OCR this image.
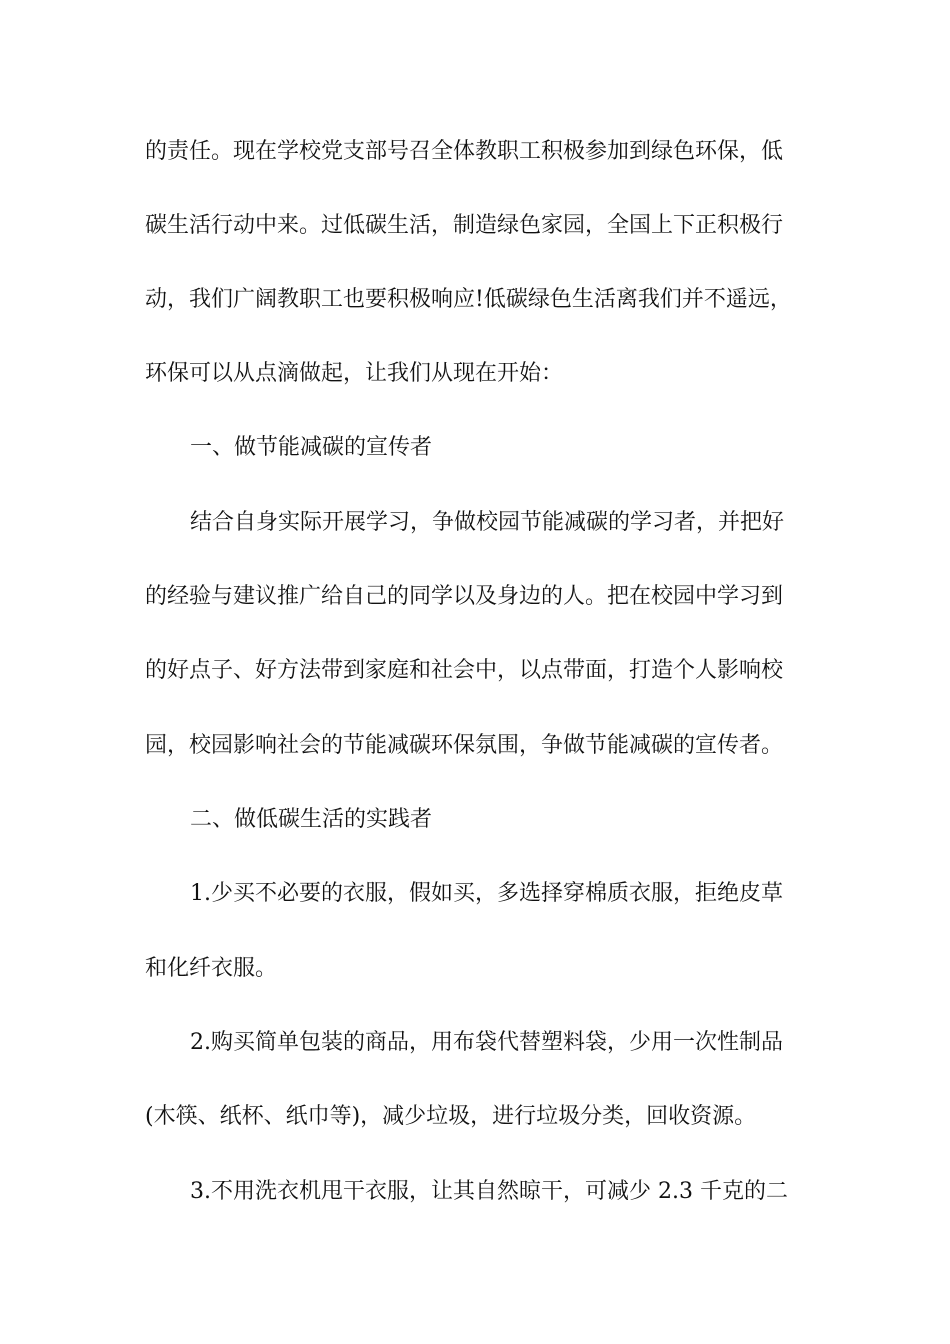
的责任。现在学校党支部号召全体教职工积极参加到绿色环保，低
碳生活行动中来。过低碳生活，制造绿色家园，全国上下正积极行
动，我们广阔教职工也要积极响应!低碳绿色生活离我们并不遥远，
环保可以从点滴做起，让我们从现在开始：
一、做节能减碳的宣传者
结合自身实际开展学习，争做校园节能减碳的学习者，并把好
的经验与建议推广给自己的同学以及身边的人。把在校园中学习到
的好点子、好方法带到家庭和社会中，以点带面，打造个人影响校
园，校园影响社会的节能减碳环保氛围，争做节能减碳的宣传者。
二、做低碳生活的实践者
1.少买不必要的衣服，假如买，多选择穿棉质衣服，拒绝皮草
和化纤衣服。
2.购买简单包装的商品，用布袋代替塑料袋，少用一次性制品
(木筷、纸杯、纸巾等)，减少垃圾，进行垃圾分类，回收资源。
3.不用洗衣机甩干衣服，让其自然晾干，可减少 2.3 千克的二
